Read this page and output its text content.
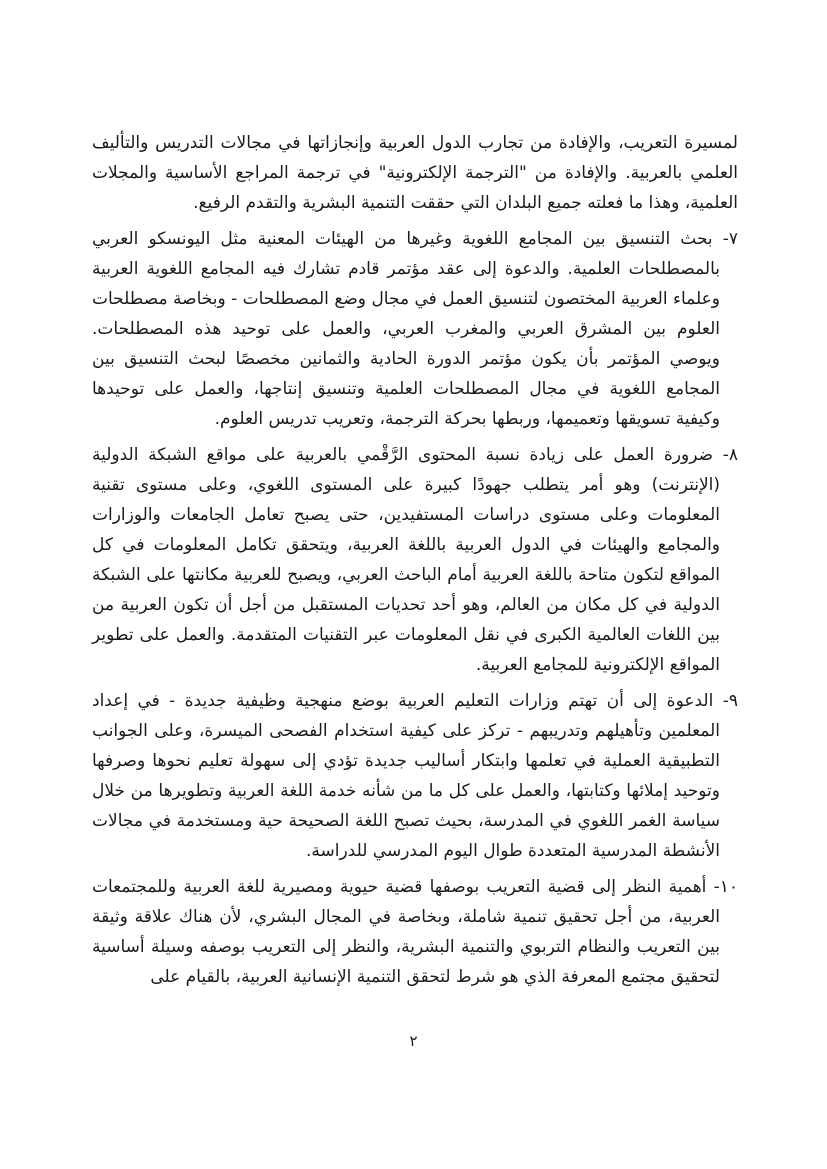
لمسيرة التعريب، والإفادة من تجارب الدول العربية وإنجازاتها في مجالات التدريس والتأليف العلمي بالعربية. والإفادة من "الترجمة الإلكترونية" في ترجمة المراجع الأساسية والمجلات العلمية، وهذا ما فعلته جميع البلدان التي حققت التنمية البشرية والتقدم الرفيع.

٧- بحث التنسيق بين المجامع اللغوية وغيرها من الهيئات المعنية مثل اليونسكو العربي بالمصطلحات العلمية. والدعوة إلى عقد مؤتمر قادم تشارك فيه المجامع اللغوية العربية وعلماء العربية المختصون لتنسيق العمل في مجال وضع المصطلحات - وبخاصة مصطلحات العلوم بين المشرق العربي والمغرب العربي، والعمل على توحيد هذه المصطلحات. ويوصي المؤتمر بأن يكون مؤتمر الدورة الحادية والثمانين مخصصًا لبحث التنسيق بين المجامع اللغوية في مجال المصطلحات العلمية وتنسيق إنتاجها، والعمل على توحيدها وكيفية تسويقها وتعميمها، وربطها بحركة الترجمة، وتعريب تدريس العلوم.

٨- ضرورة العمل على زيادة نسبة المحتوى الرَّقْمي بالعربية على مواقع الشبكة الدولية (الإنترنت) وهو أمر يتطلب جهودًا كبيرة على المستوى اللغوي، وعلى مستوى تقنية المعلومات وعلى مستوى دراسات المستفيدين، حتى يصبح تعامل الجامعات والوزارات والمجامع والهيئات في الدول العربية باللغة العربية، ويتحقق تكامل المعلومات في كل المواقع لتكون متاحة باللغة العربية أمام الباحث العربي، ويصبح للعربية مكانتها على الشبكة الدولية في كل مكان من العالم، وهو أحد تحديات المستقبل من أجل أن تكون العربية من بين اللغات العالمية الكبرى في نقل المعلومات عبر التقنيات المتقدمة. والعمل على تطوير المواقع الإلكترونية للمجامع العربية.

٩- الدعوة إلى أن تهتم وزارات التعليم العربية بوضع منهجية وظيفية جديدة - في إعداد المعلمين وتأهيلهم وتدريبهم - تركز على كيفية استخدام الفصحى الميسرة، وعلى الجوانب التطبيقية العملية في تعلمها وابتكار أساليب جديدة تؤدي إلى سهولة تعليم نحوها وصرفها وتوحيد إملائها وكتابتها، والعمل على كل ما من شأنه خدمة اللغة العربية وتطويرها من خلال سياسة الغمر اللغوي في المدرسة، بحيث تصبح اللغة الصحيحة حية ومستخدمة في مجالات الأنشطة المدرسية المتعددة طوال اليوم المدرسي للدراسة.

١٠- أهمية النظر إلى قضية التعريب بوصفها قضية حيوية ومصيرية للغة العربية وللمجتمعات العربية، من أجل تحقيق تنمية شاملة، وبخاصة في المجال البشري، لأن هناك علاقة وثيقة بين التعريب والنظام التربوي والتنمية البشرية، والنظر إلى التعريب بوصفه وسيلة أساسية لتحقيق مجتمع المعرفة الذي هو شرط لتحقق التنمية الإنسانية العربية، بالقيام على

٢
